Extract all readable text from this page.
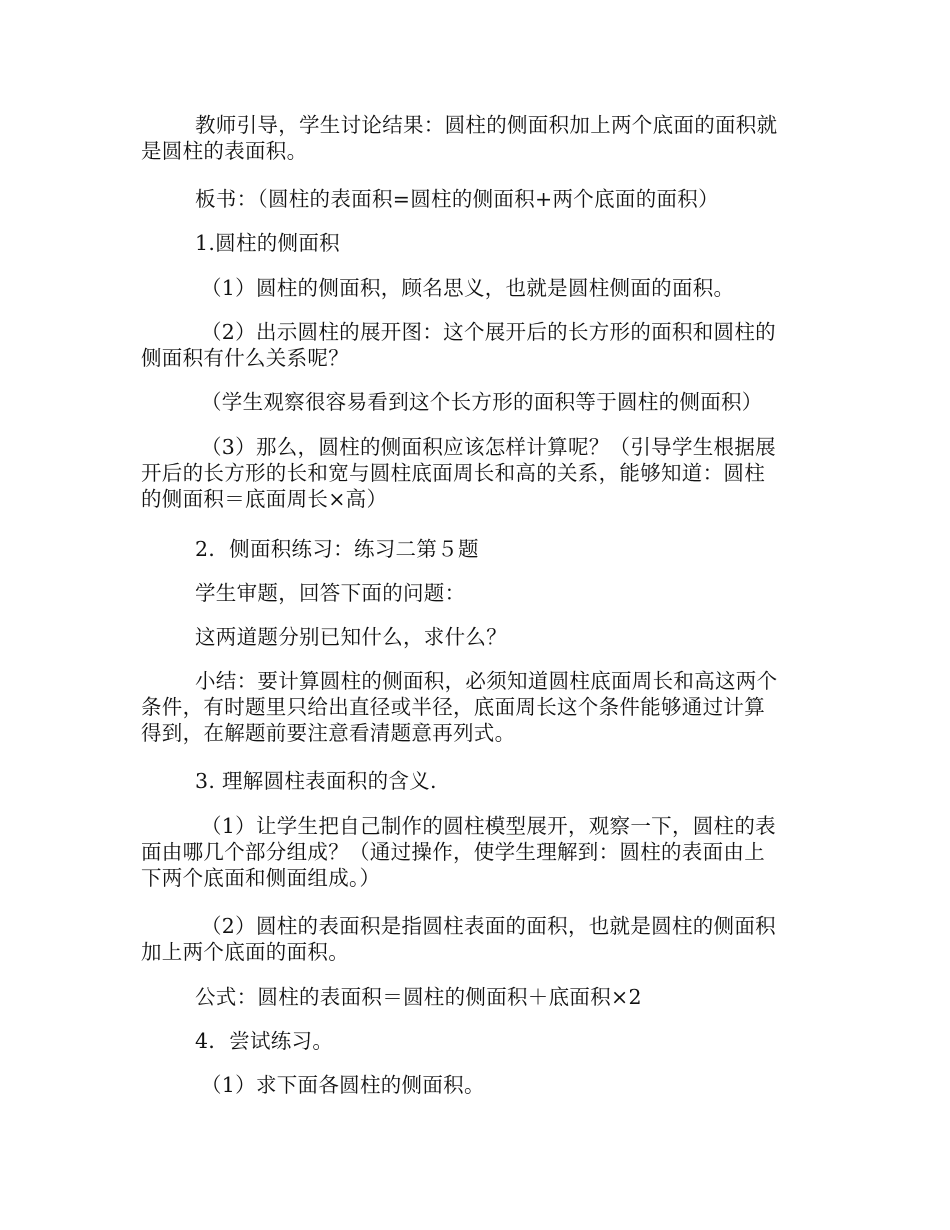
教师引导，学生讨论结果：圆柱的侧面积加上两个底面的面积就
是圆柱的表面积。
板书：（圆柱的表面积=圆柱的侧面积+两个底面的面积）
1.圆柱的侧面积
（1）圆柱的侧面积，顾名思义，也就是圆柱侧面的面积。
（2）出示圆柱的展开图：这个展开后的长方形的面积和圆柱的
侧面积有什么关系呢？
（学生观察很容易看到这个长方形的面积等于圆柱的侧面积）
（3）那么，圆柱的侧面积应该怎样计算呢？（引导学生根据展
开后的长方形的长和宽与圆柱底面周长和高的关系，能够知道：圆柱
的侧面积＝底面周长×高）
2．侧面积练习：练习二第５题
学生审题，回答下面的问题：
这两道题分别已知什么，求什么？
小结：要计算圆柱的侧面积，必须知道圆柱底面周长和高这两个
条件，有时题里只给出直径或半径，底面周长这个条件能够通过计算
得到，在解题前要注意看清题意再列式。
3. 理解圆柱表面积的含义.
（1）让学生把自己制作的圆柱模型展开，观察一下，圆柱的表
面由哪几个部分组成？（通过操作，使学生理解到：圆柱的表面由上
下两个底面和侧面组成。）
（2）圆柱的表面积是指圆柱表面的面积，也就是圆柱的侧面积
加上两个底面的面积。
公式：圆柱的表面积＝圆柱的侧面积＋底面积×2
4．尝试练习。
（1）求下面各圆柱的侧面积。
